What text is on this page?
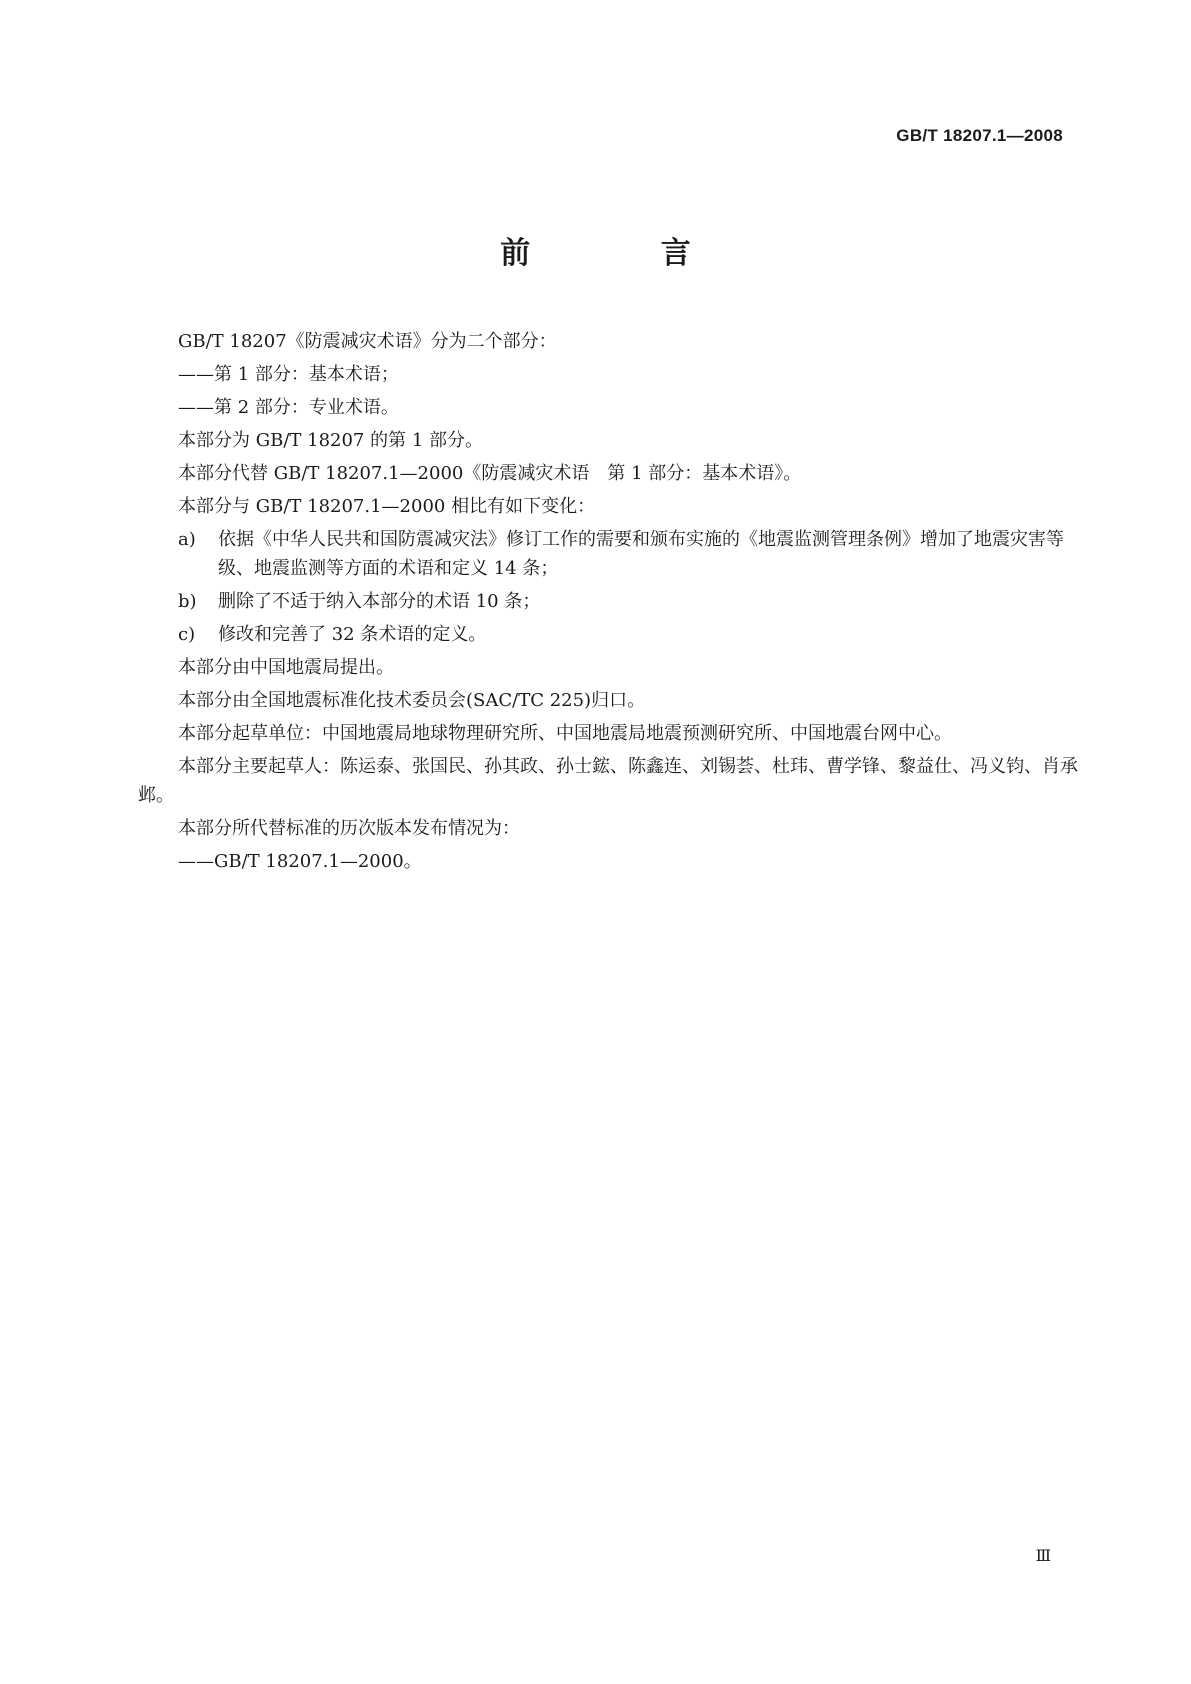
GB/T 18207.1—2008
前 言

GB/T 18207《防震减灾术语》分为二个部分：

——第 1 部分：基本术语；

——第 2 部分：专业术语。

本部分为 GB/T 18207 的第 1 部分。

本部分代替 GB/T 18207.1—2000《防震减灾术语　第 1 部分：基本术语》。

本部分与 GB/T 18207.1—2000 相比有如下变化：

a) 依据《中华人民共和国防震减灾法》修订工作的需要和颁布实施的《地震监测管理条例》增加了地震灾害等级、地震监测等方面的术语和定义 14 条；
b) 删除了不适于纳入本部分的术语 10 条；
c) 修改和完善了 32 条术语的定义。

本部分由中国地震局提出。

本部分由全国地震标准化技术委员会(SAC/TC 225)归口。

本部分起草单位：中国地震局地球物理研究所、中国地震局地震预测研究所、中国地震台网中心。

本部分主要起草人：陈运泰、张国民、孙其政、孙士鋐、陈鑫连、刘锡荟、杜玮、曹学锋、黎益仕、冯义钧、肖承邺。

本部分所代替标准的历次版本发布情况为：

——GB/T 18207.1—2000。

Ⅲ
